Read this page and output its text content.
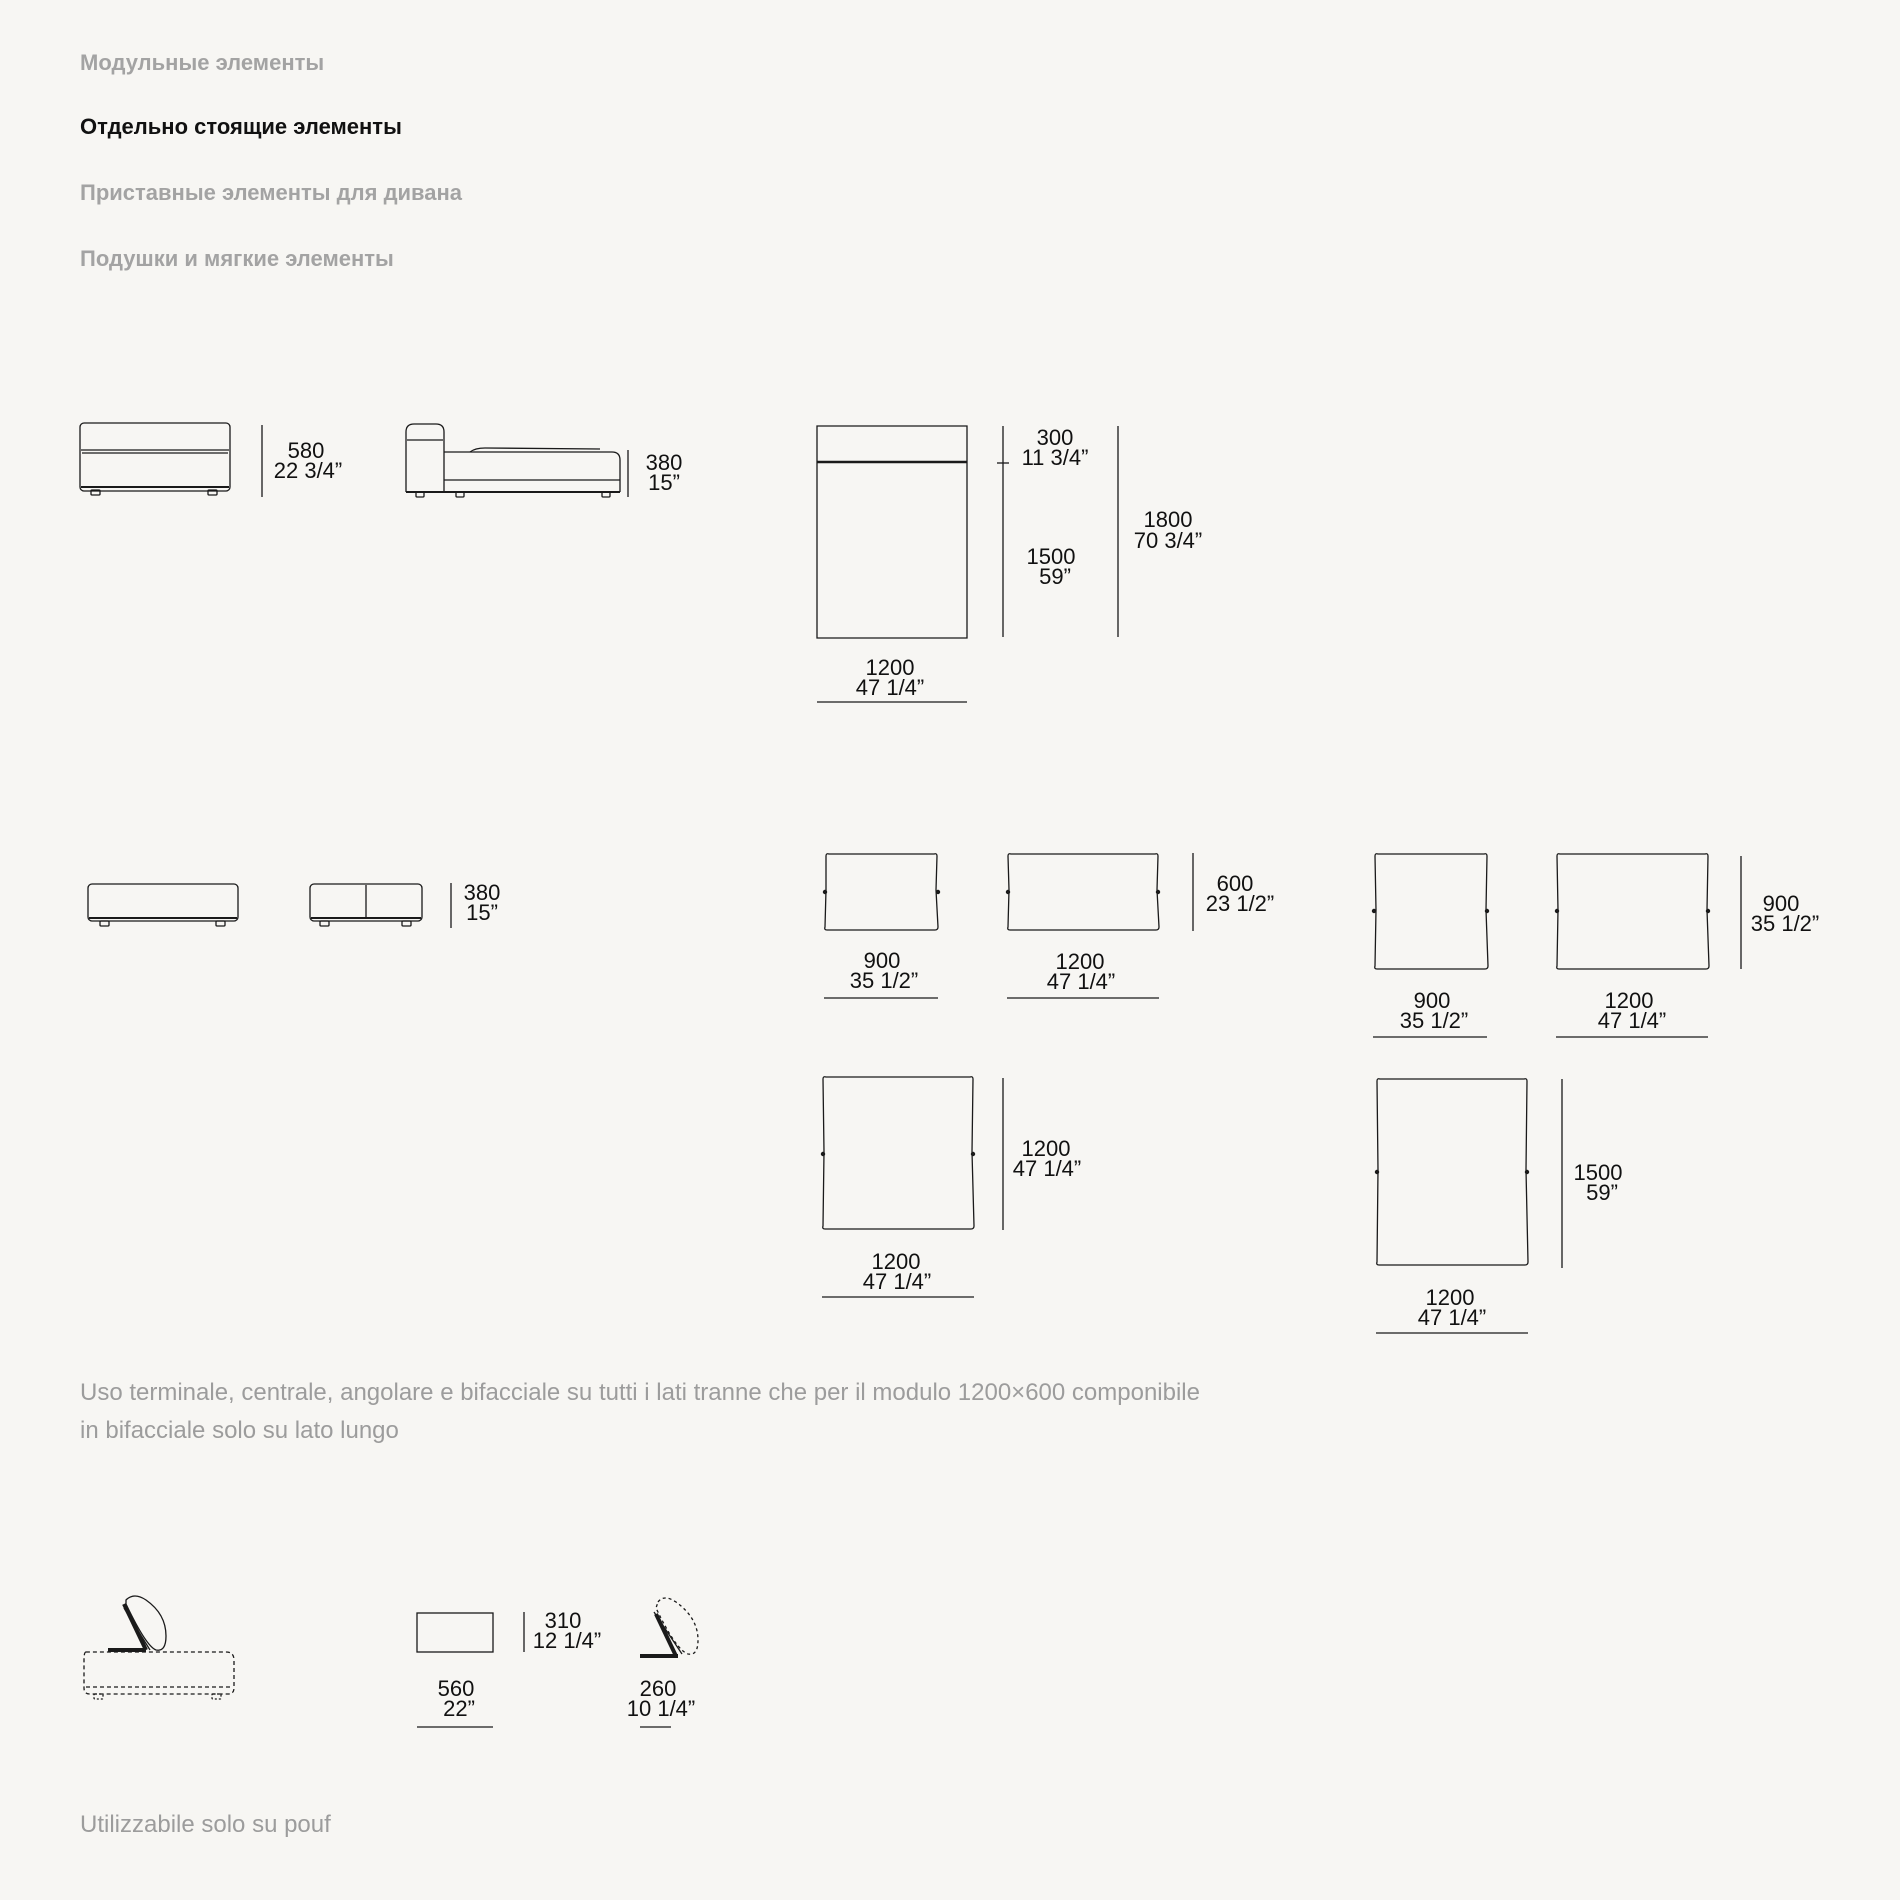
Модульные элементы
Отдельно стоящие элементы
Приставные элементы для дивана
Подушки и мягкие элементы
580
22 3/4”	380
15”
300
11 3/4”
1500
59”
1800
70 3/4”
1200
47 1/4”
380
15”
900
35 1/2”
1200
47 1/4”
600
23 1/2”
900
35 1/2”
1200
47 1/4”
900
35 1/2”
1200
47 1/4”
1200
47 1/4”
1500
59”
1200
47 1/4”
310
12 1/4”
560
22”
260
10 1/4”
Uso terminale, centrale, angolare e bifacciale su tutti i lati tranne che per il modulo 1200×600 componibile
in bifacciale solo su lato lungo
Utilizzabile solo su pouf
